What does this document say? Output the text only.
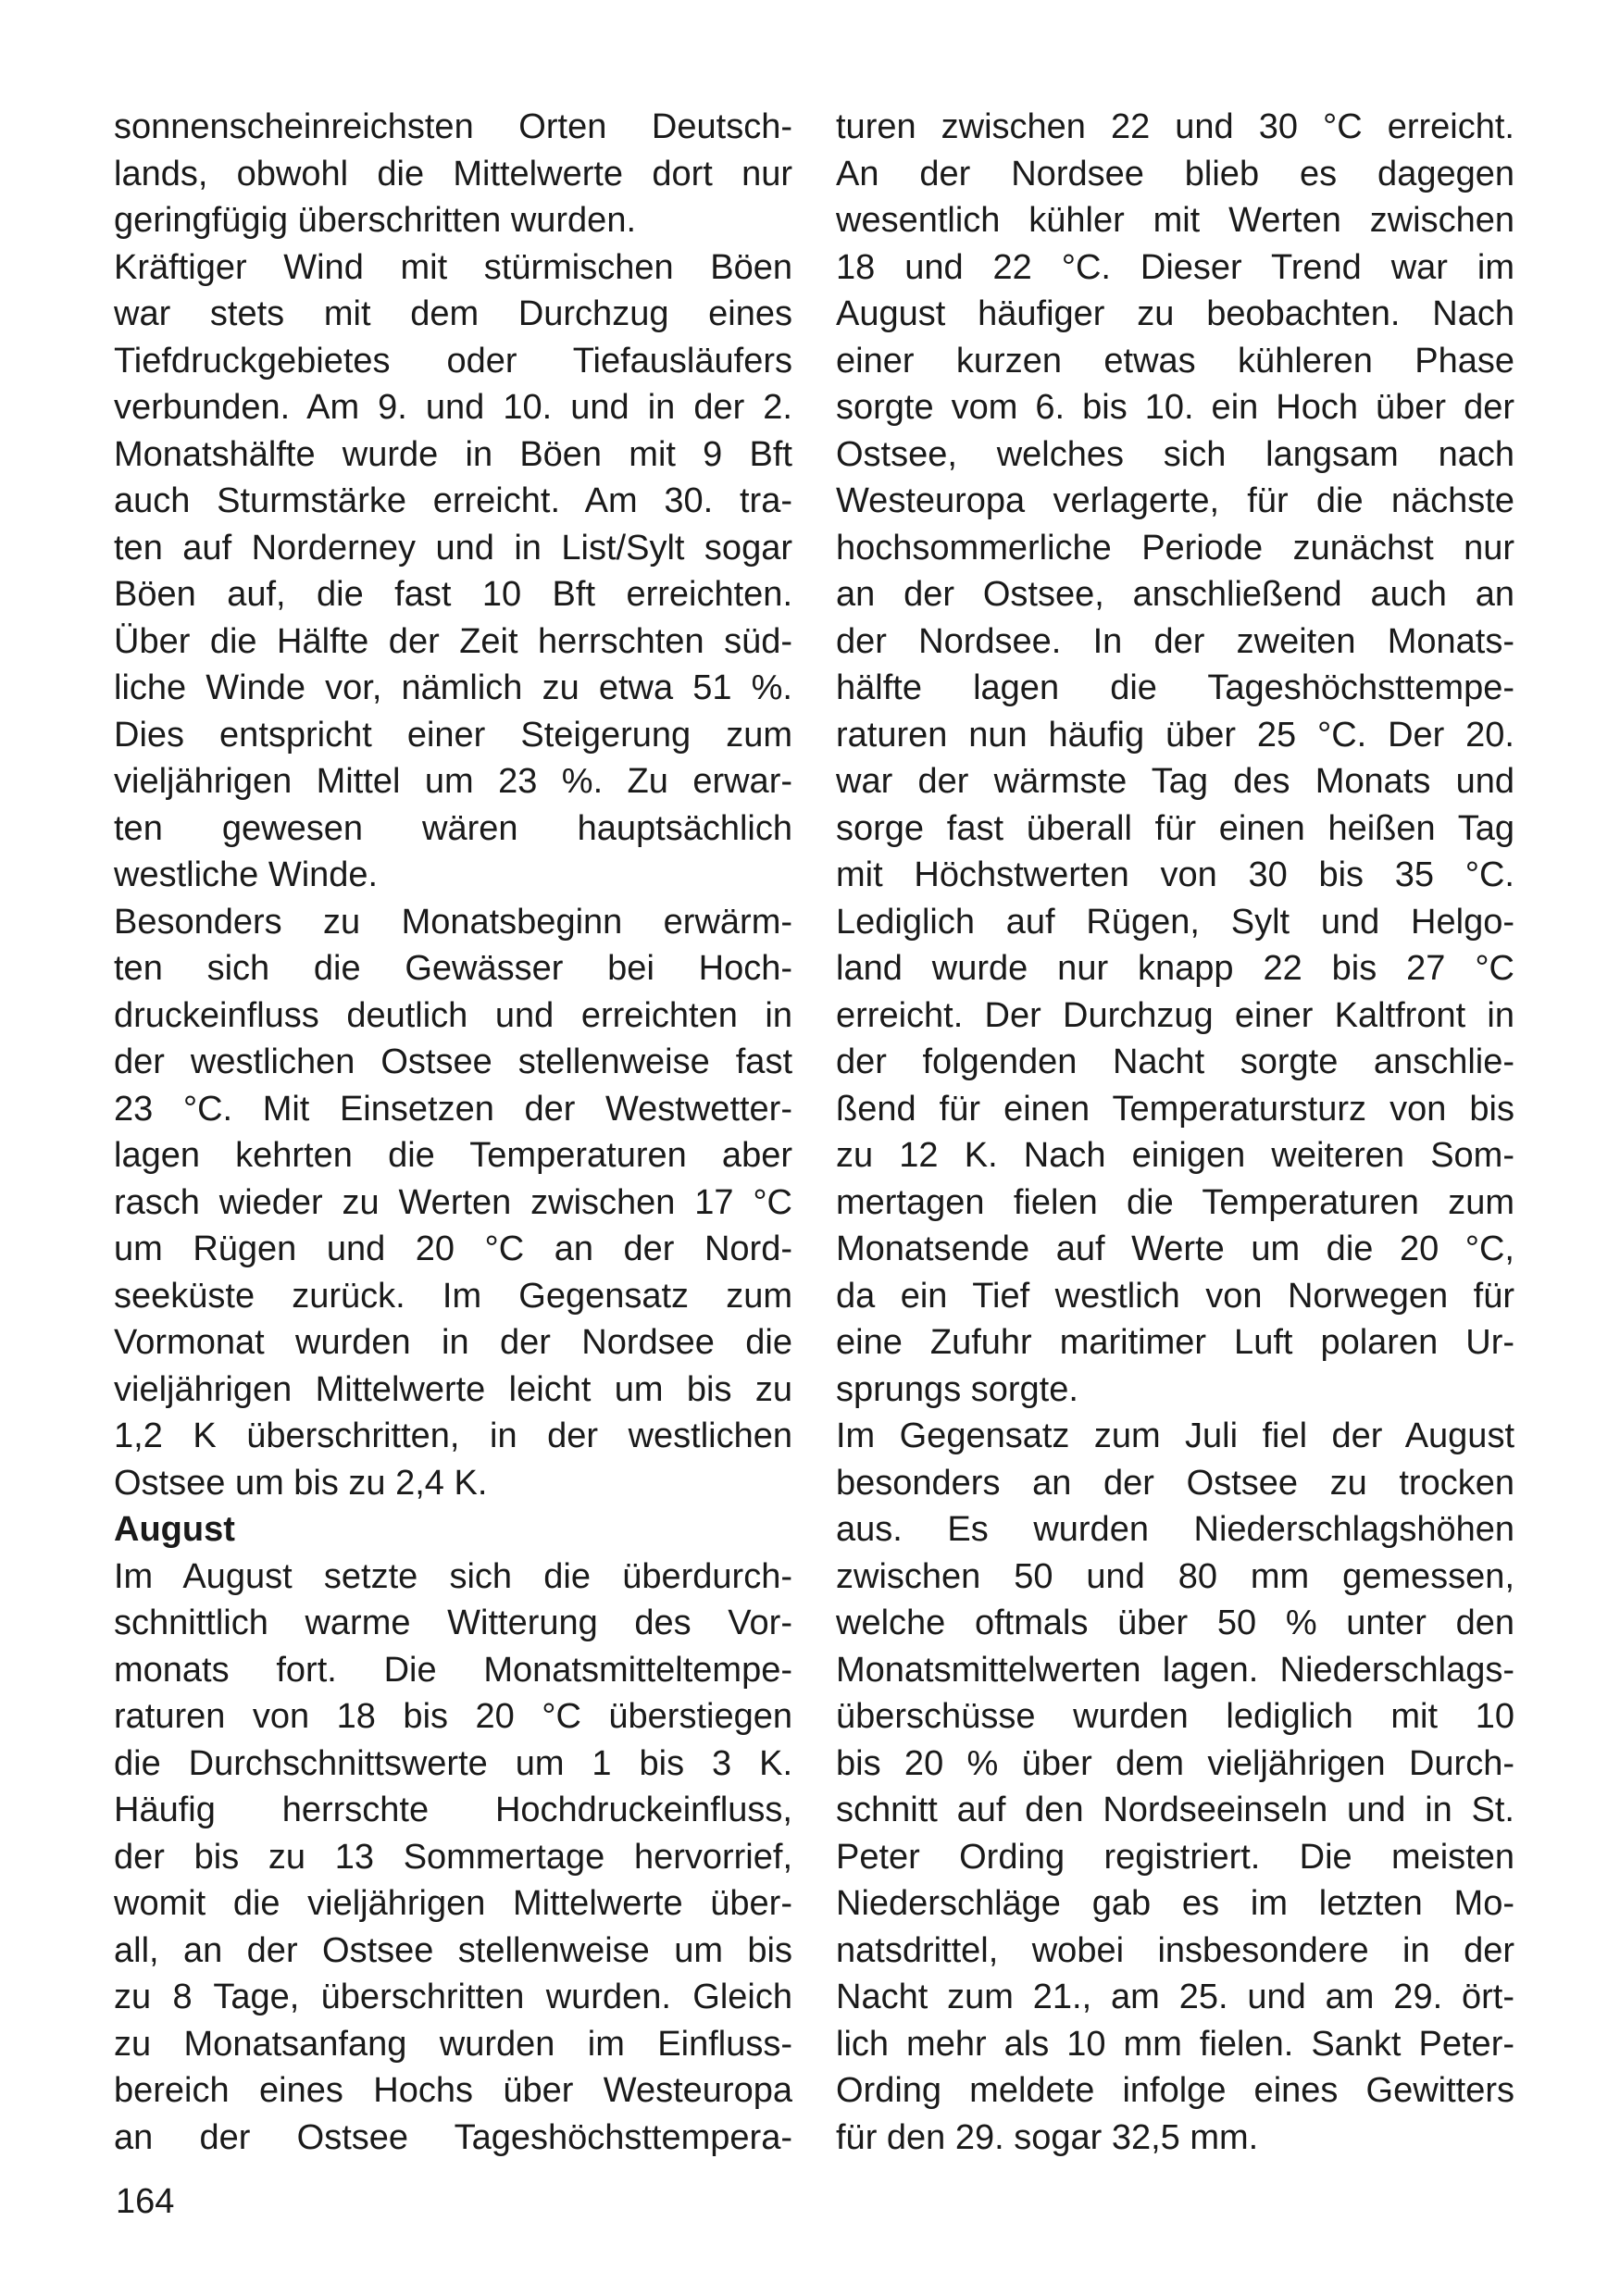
sonnenscheinreichsten Orten Deutsch-
lands, obwohl die Mittelwerte dort nur
geringfügig überschritten wurden.
Kräftiger Wind mit stürmischen Böen
war stets mit dem Durchzug eines
Tiefdruckgebietes oder Tiefausläufers
verbunden. Am 9. und 10. und in der 2.
Monatshälfte wurde in Böen mit 9 Bft
auch Sturmstärke erreicht. Am 30. tra-
ten auf Norderney und in List/Sylt sogar
Böen auf, die fast 10 Bft erreichten.
Über die Hälfte der Zeit herrschten süd-
liche Winde vor, nämlich zu etwa 51 %.
Dies entspricht einer Steigerung zum
vieljährigen Mittel um 23 %. Zu erwar-
ten gewesen wären hauptsächlich
westliche Winde.
Besonders zu Monatsbeginn erwärm-
ten sich die Gewässer bei Hoch-
druckeinfluss deutlich und erreichten in
der westlichen Ostsee stellenweise fast
23 °C. Mit Einsetzen der Westwetter-
lagen kehrten die Temperaturen aber
rasch wieder zu Werten zwischen 17 °C
um Rügen und 20 °C an der Nord-
seeküste zurück. Im Gegensatz zum
Vormonat wurden in der Nordsee die
vieljährigen Mittelwerte leicht um bis zu
1,2 K überschritten, in der westlichen
Ostsee um bis zu 2,4 K.
August
Im August setzte sich die überdurch-
schnittlich warme Witterung des Vor-
monats fort. Die Monatsmitteltempe-
raturen von 18 bis 20 °C überstiegen
die Durchschnittswerte um 1 bis 3 K.
Häufig herrschte Hochdruckeinfluss,
der bis zu 13 Sommertage hervorrief,
womit die vieljährigen Mittelwerte über-
all, an der Ostsee stellenweise um bis
zu 8 Tage, überschritten wurden. Gleich
zu Monatsanfang wurden im Einfluss-
bereich eines Hochs über Westeuropa
an der Ostsee Tageshöchsttempera-
turen zwischen 22 und 30 °C erreicht.
An der Nordsee blieb es dagegen
wesentlich kühler mit Werten zwischen
18 und 22 °C. Dieser Trend war im
August häufiger zu beobachten. Nach
einer kurzen etwas kühleren Phase
sorgte vom 6. bis 10. ein Hoch über der
Ostsee, welches sich langsam nach
Westeuropa verlagerte, für die nächste
hochsommerliche Periode zunächst nur
an der Ostsee, anschließend auch an
der Nordsee. In der zweiten Monats-
hälfte lagen die Tageshöchsttempe-
raturen nun häufig über 25 °C. Der 20.
war der wärmste Tag des Monats und
sorge fast überall für einen heißen Tag
mit Höchstwerten von 30 bis 35 °C.
Lediglich auf Rügen, Sylt und Helgo-
land wurde nur knapp 22 bis 27 °C
erreicht. Der Durchzug einer Kaltfront in
der folgenden Nacht sorgte anschlie-
ßend für einen Temperatursturz von bis
zu 12 K. Nach einigen weiteren Som-
mertagen fielen die Temperaturen zum
Monatsende auf Werte um die 20 °C,
da ein Tief westlich von Norwegen für
eine Zufuhr maritimer Luft polaren Ur-
sprungs sorgte.
Im Gegensatz zum Juli fiel der August
besonders an der Ostsee zu trocken
aus. Es wurden Niederschlagshöhen
zwischen 50 und 80 mm gemessen,
welche oftmals über 50 % unter den
Monatsmittelwerten lagen. Niederschlags-
überschüsse wurden lediglich mit 10
bis 20 % über dem vieljährigen Durch-
schnitt auf den Nordseeinseln und in St.
Peter Ording registriert. Die meisten
Niederschläge gab es im letzten Mo-
natsdrittel, wobei insbesondere in der
Nacht zum 21., am 25. und am 29. ört-
lich mehr als 10 mm fielen. Sankt Peter-
Ording meldete infolge eines Gewitters
für den 29. sogar 32,5 mm.
164
